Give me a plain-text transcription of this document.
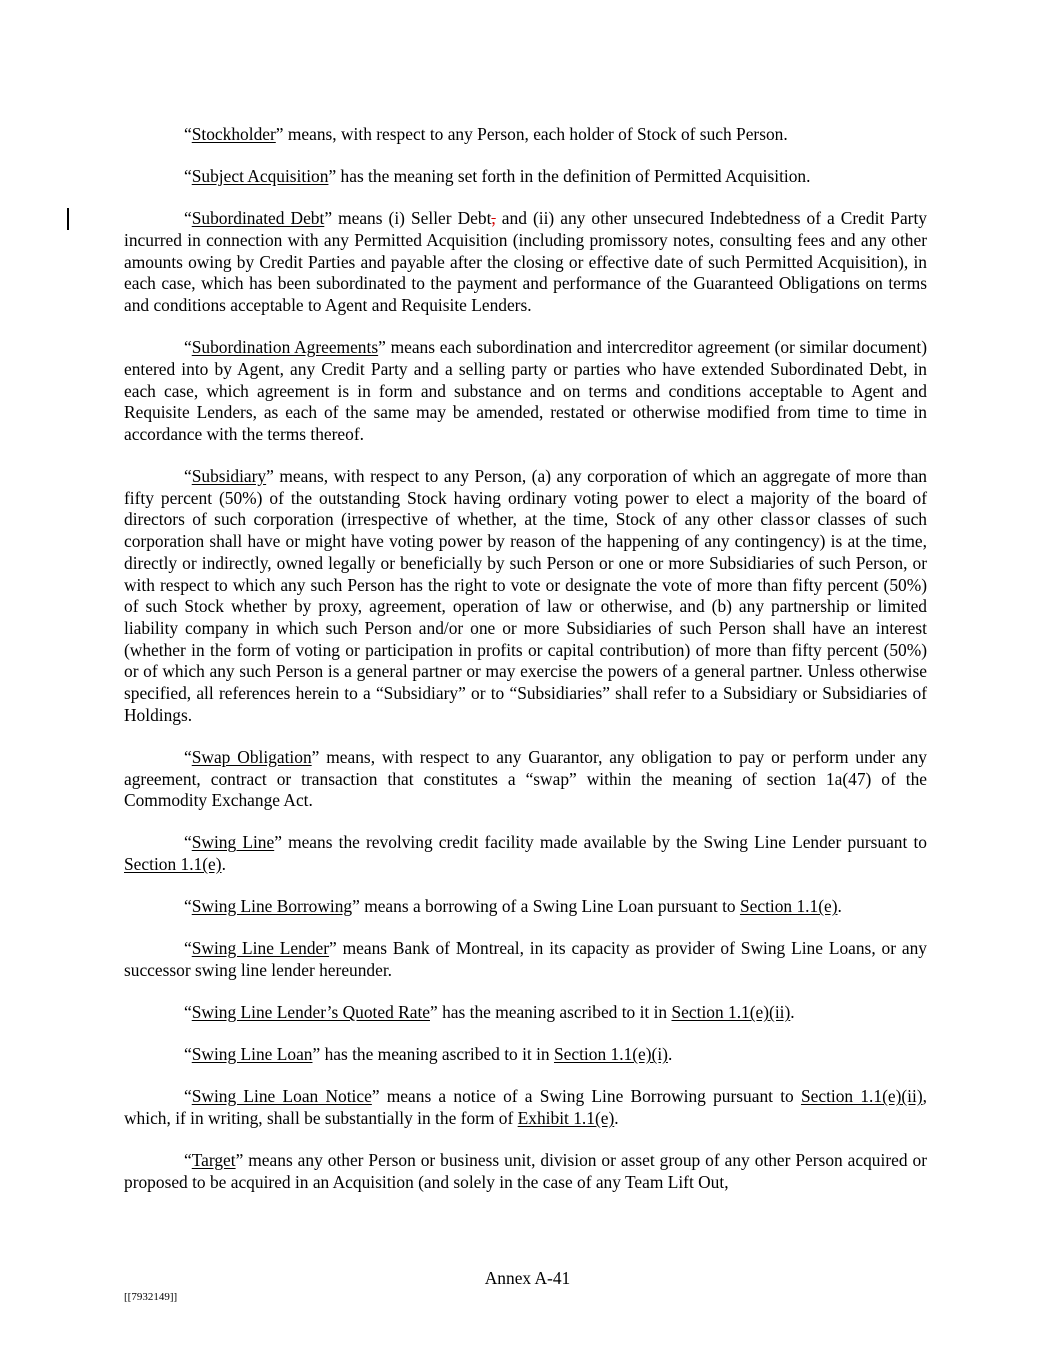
“Stockholder” means, with respect to any Person, each holder of Stock of such Person.

“Subject Acquisition” has the meaning set forth in the definition of Permitted Acquisition.

“Subordinated Debt” means (i) Seller Debt, and (ii) any other unsecured Indebtedness of a Credit Party incurred in connection with any Permitted Acquisition (including promissory notes, consulting fees and any other amounts owing by Credit Parties and payable after the closing or effective date of such Permitted Acquisition), in each case, which has been subordinated to the payment and performance of the Guaranteed Obligations on terms and conditions acceptable to Agent and Requisite Lenders.

“Subordination Agreements” means each subordination and intercreditor agreement (or similar document) entered into by Agent, any Credit Party and a selling party or parties who have extended Subordinated Debt, in each case, which agreement is in form and substance and on terms and conditions acceptable to Agent and Requisite Lenders, as each of the same may be amended, restated or otherwise modified from time to time in accordance with the terms thereof.

“Subsidiary” means, with respect to any Person, (a) any corporation of which an aggregate of more than fifty percent (50%) of the outstanding Stock having ordinary voting power to elect a majority of the board of directors of such corporation (irrespective of whether, at the time, Stock of any other class or classes of such corporation shall have or might have voting power by reason of the happening of any contingency) is at the time, directly or indirectly, owned legally or beneficially by such Person or one or more Subsidiaries of such Person, or with respect to which any such Person has the right to vote or designate the vote of more than fifty percent (50%) of such Stock whether by proxy, agreement, operation of law or otherwise, and (b) any partnership or limited liability company in which such Person and/or one or more Subsidiaries of such Person shall have an interest (whether in the form of voting or participation in profits or capital contribution) of more than fifty percent (50%) or of which any such Person is a general partner or may exercise the powers of a general partner. Unless otherwise specified, all references herein to a “Subsidiary” or to “Subsidiaries” shall refer to a Subsidiary or Subsidiaries of Holdings.

“Swap Obligation” means, with respect to any Guarantor, any obligation to pay or perform under any agreement, contract or transaction that constitutes a “swap” within the meaning of section 1a(47) of the Commodity Exchange Act.

“Swing Line” means the revolving credit facility made available by the Swing Line Lender pursuant to Section 1.1(e).

“Swing Line Borrowing” means a borrowing of a Swing Line Loan pursuant to Section 1.1(e).

“Swing Line Lender” means Bank of Montreal, in its capacity as provider of Swing Line Loans, or any successor swing line lender hereunder.

“Swing Line Lender’s Quoted Rate” has the meaning ascribed to it in Section 1.1(e)(ii).

“Swing Line Loan” has the meaning ascribed to it in Section 1.1(e)(i).

“Swing Line Loan Notice” means a notice of a Swing Line Borrowing pursuant to Section 1.1(e)(ii), which, if in writing, shall be substantially in the form of Exhibit 1.1(e).

“Target” means any other Person or business unit, division or asset group of any other Person acquired or proposed to be acquired in an Acquisition (and solely in the case of any Team Lift Out,

Annex A-41
[[7932149]]
